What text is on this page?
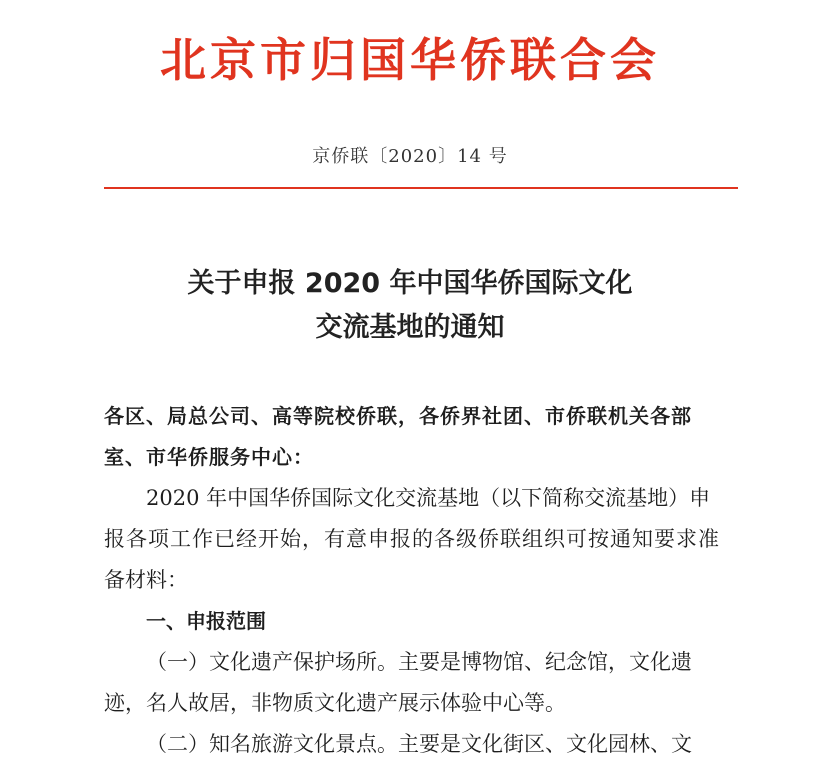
北京市归国华侨联合会
京侨联〔2020〕14 号
关于申报 2020 年中国华侨国际文化
交流基地的通知
各区、局总公司、高等院校侨联，各侨界社团、市侨联机关各部
室、市华侨服务中心：
2020 年中国华侨国际文化交流基地（以下简称交流基地）申
报各项工作已经开始，有意申报的各级侨联组织可按通知要求准
备材料：
一、申报范围
（一）文化遗产保护场所。主要是博物馆、纪念馆，文化遗
迹，名人故居，非物质文化遗产展示体验中心等。
（二）知名旅游文化景点。主要是文化街区、文化园林、文
